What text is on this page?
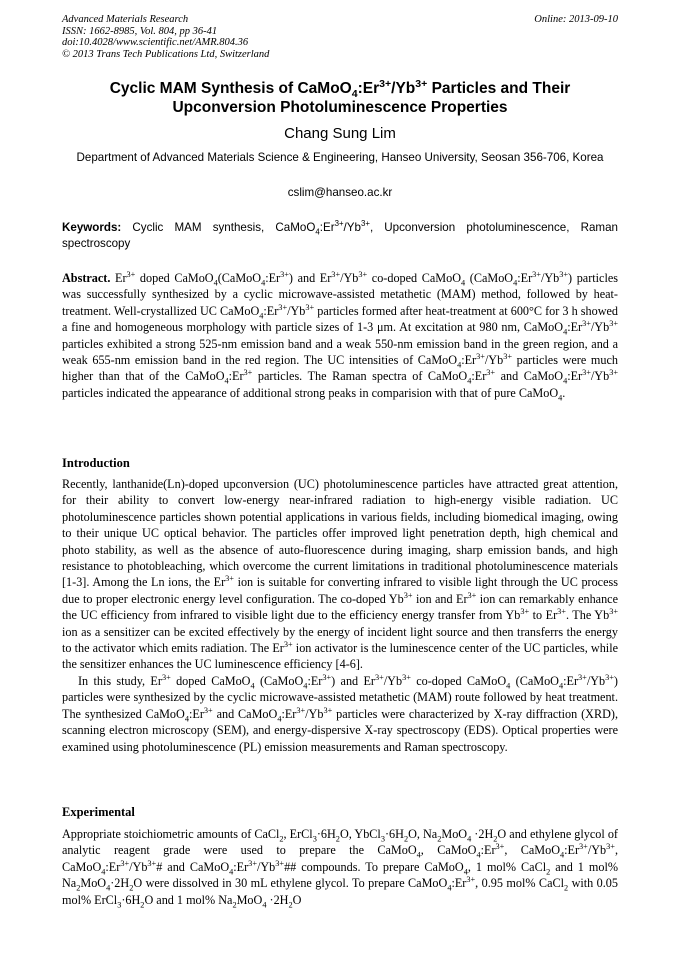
Advanced Materials Research
ISSN: 1662-8985, Vol. 804, pp 36-41
doi:10.4028/www.scientific.net/AMR.804.36
© 2013 Trans Tech Publications Ltd, Switzerland
Online: 2013-09-10
Cyclic MAM Synthesis of $CaMoO_4:Er^{3+}/Yb^{3+}$ Particles and Their
Upconversion Photoluminescence Properties
Chang Sung Lim
Department of Advanced Materials Science & Engineering, Hanseo University, Seosan 356-706, Korea
cslim@hanseo.ac.kr
Keywords: Cyclic MAM synthesis, $CaMoO_4:Er^{3+}/Yb^{3+}$, Upconversion photoluminescence, Raman spectroscopy
Abstract. $Er^{3+}$ doped $CaMoO_4(CaMoO_4:Er^{3+})$ and $Er^{3+}/Yb^{3+}$ co-doped CaMoO$_4$ $(CaMoO_4:Er^{3+}/Yb^{3+})$ particles was successfully synthesized by a cyclic microwave-assisted metathetic (MAM) method, followed by heat-treatment. Well-crystallized UC $CaMoO_4:Er^{3+}/Yb^{3+}$ particles formed after heat-treatment at 600°C for 3 h showed a fine and homogeneous morphology with particle sizes of 1-3 μm. At excitation at 980 nm, $CaMoO_4:Er^{3+}/Yb^{3+}$ particles exhibited a strong 525-nm emission band and a weak 550-nm emission band in the green region, and a weak 655-nm emission band in the red region. The UC intensities of $CaMoO_4:Er^{3+}/Yb^{3+}$ particles were much higher than that of the $CaMoO_4:Er^{3+}$ particles. The Raman spectra of $CaMoO_4:Er^{3+}$ and $CaMoO_4:Er^{3+}/Yb^{3+}$ particles indicated the appearance of additional strong peaks in comparision with that of pure CaMoO$_4$.
Introduction

Recently, lanthanide(Ln)-doped upconversion (UC) photoluminescence particles have attracted great attention, for their ability to convert low-energy near-infrared radiation to high-energy visible radiation. UC photoluminescence particles shown potential applications in various fields, including biomedical imaging, owing to their unique UC optical behavior. The particles offer improved light penetration depth, high chemical and photo stability, as well as the absence of auto-fluorescence during imaging, sharp emission bands, and high resistance to photobleaching, which overcome the current limitations in traditional photoluminescence materials [1-3]. Among the Ln ions, the $Er^{3+}$ ion is suitable for converting infrared to visible light through the UC process due to proper electronic energy level configuration. The co-doped $Yb^{3+}$ ion and $Er^{3+}$ ion can remarkably enhance the UC efficiency from infrared to visible light due to the efficiency energy transfer from $Yb^{3+}$ to $Er^{3+}$. The $Yb^{3+}$ ion as a sensitizer can be excited effectively by the energy of incident light source and then transferrs the energy to the activator which emits radiation. The $Er^{3+}$ ion activator is the luminescence center of the UC particles, while the sensitizer enhances the UC luminescence efficiency [4-6].

In this study, $Er^{3+}$ doped CaMoO$_4$ $(CaMoO_4:Er^{3+})$ and $Er^{3+}/Yb^{3+}$ co-doped CaMoO$_4$ $(CaMoO_4:Er^{3+}/Yb^{3+})$ particles were synthesized by the cyclic microwave-assisted metathetic (MAM) route followed by heat treatment. The synthesized $CaMoO_4:Er^{3+}$ and $CaMoO_4:Er^{3+}/Yb^{3+}$ particles were characterized by X-ray diffraction (XRD), scanning electron microscopy (SEM), and energy-dispersive X-ray spectroscopy (EDS). Optical properties were examined using photoluminescence (PL) emission measurements and Raman spectroscopy.

Experimental

Appropriate stoichiometric amounts of CaCl$_2$, $ErCl_3\cdot 6H_2O$, $YbCl_3\cdot 6H_2O$, $Na_2MoO_4 \cdot 2H_2O$ and ethylene glycol of analytic reagent grade were used to prepare the CaMoO$_4$, $CaMoO_4:Er^{3+}$, $CaMoO_4:Er^{3+}/Yb^{3+}$, $CaMoO_4:Er^{3+}/Yb^{3+}\#$ and $CaMoO_4:Er^{3+}/Yb^{3+}\#\#$ compounds. To prepare CaMoO$_4$, 1 mol% CaCl$_2$ and 1 mol% $Na_2MoO_4\cdot 2H_2O$ were dissolved in 30 mL ethylene glycol. To prepare $CaMoO_4:Er^{3+}$, 0.95 mol% CaCl$_2$ with 0.05 mol% $ErCl_3\cdot 6H_2O$ and 1 mol% $Na_2MoO_4 \cdot 2H_2O$
